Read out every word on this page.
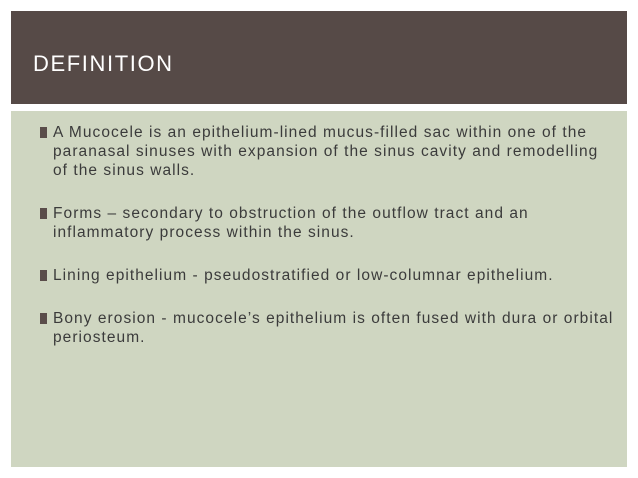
DEFINITION
A Mucocele is an epithelium-lined mucus-filled sac within one of the paranasal sinuses with expansion of the sinus cavity and remodelling of the sinus walls.
Forms – secondary to obstruction of the outflow tract and an inflammatory process within the sinus.
Lining epithelium - pseudostratified or low-columnar epithelium.
Bony erosion - mucocele’s epithelium is often fused with dura or orbital periosteum.
